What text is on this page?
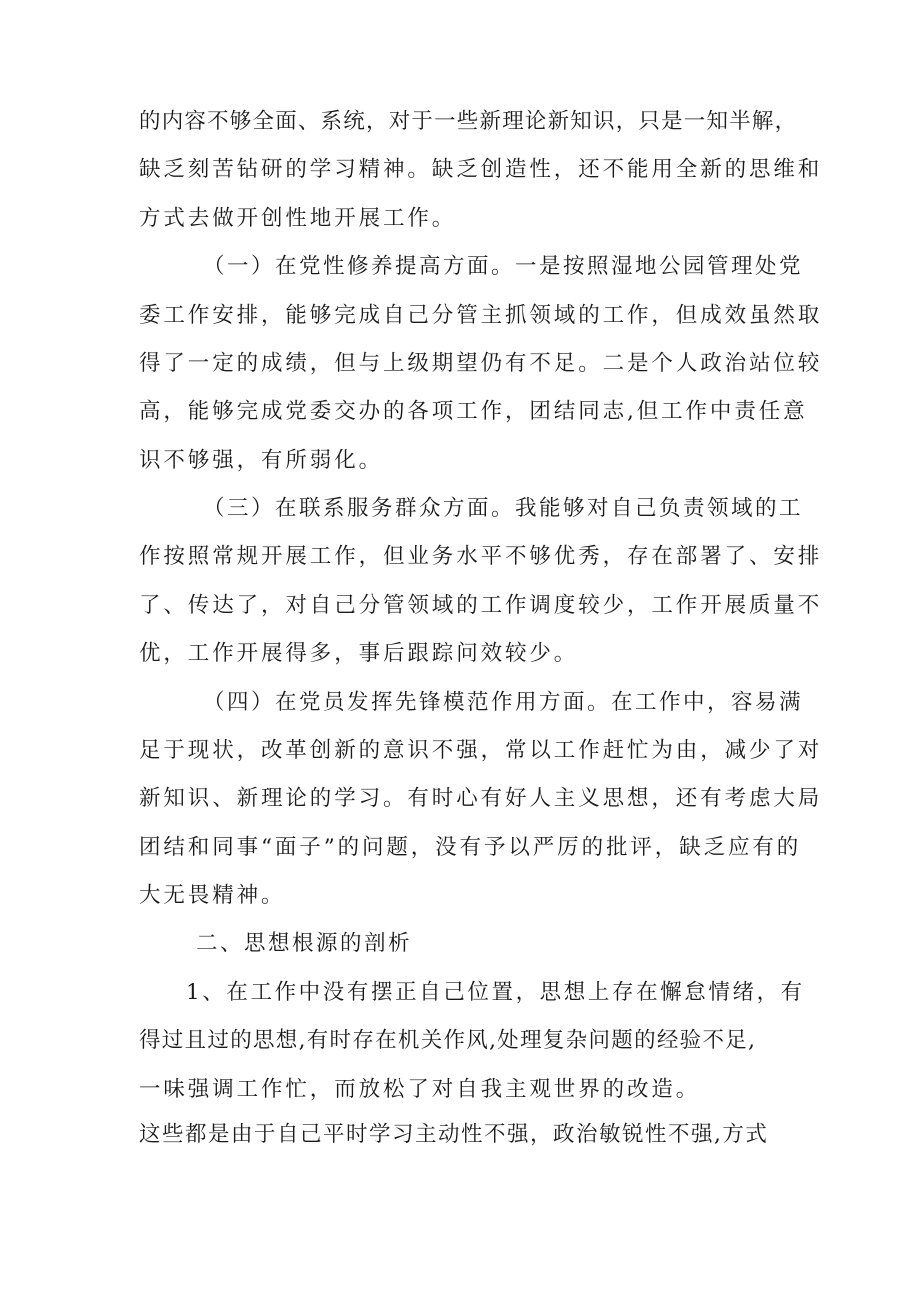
的内容不够全面、系统，对于一些新理论新知识，只是一知半解，
缺乏刻苦钻研的学习精神。缺乏创造性，还不能用全新的思维和
方式去做开创性地开展工作。
（一）在党性修养提高方面。一是按照湿地公园管理处党
委工作安排，能够完成自己分管主抓领域的工作，但成效虽然取
得了一定的成绩，但与上级期望仍有不足。二是个人政治站位较
高，能够完成党委交办的各项工作，团结同志,但工作中责任意
识不够强，有所弱化。
（三）在联系服务群众方面。我能够对自己负责领域的工
作按照常规开展工作，但业务水平不够优秀，存在部署了、安排
了、传达了，对自己分管领域的工作调度较少，工作开展质量不
优，工作开展得多，事后跟踪问效较少。
（四）在党员发挥先锋模范作用方面。在工作中，容易满
足于现状，改革创新的意识不强，常以工作赶忙为由，减少了对
新知识、新理论的学习。有时心有好人主义思想，还有考虑大局
团结和同事“面子”的问题，没有予以严厉的批评，缺乏应有的
大无畏精神。
二、思想根源的剖析
1、在工作中没有摆正自己位置，思想上存在懈怠情绪，有
得过且过的思想,有时存在机关作风,处理复杂问题的经验不足,
一味强调工作忙，而放松了对自我主观世界的改造。
这些都是由于自己平时学习主动性不强，政治敏锐性不强,方式
